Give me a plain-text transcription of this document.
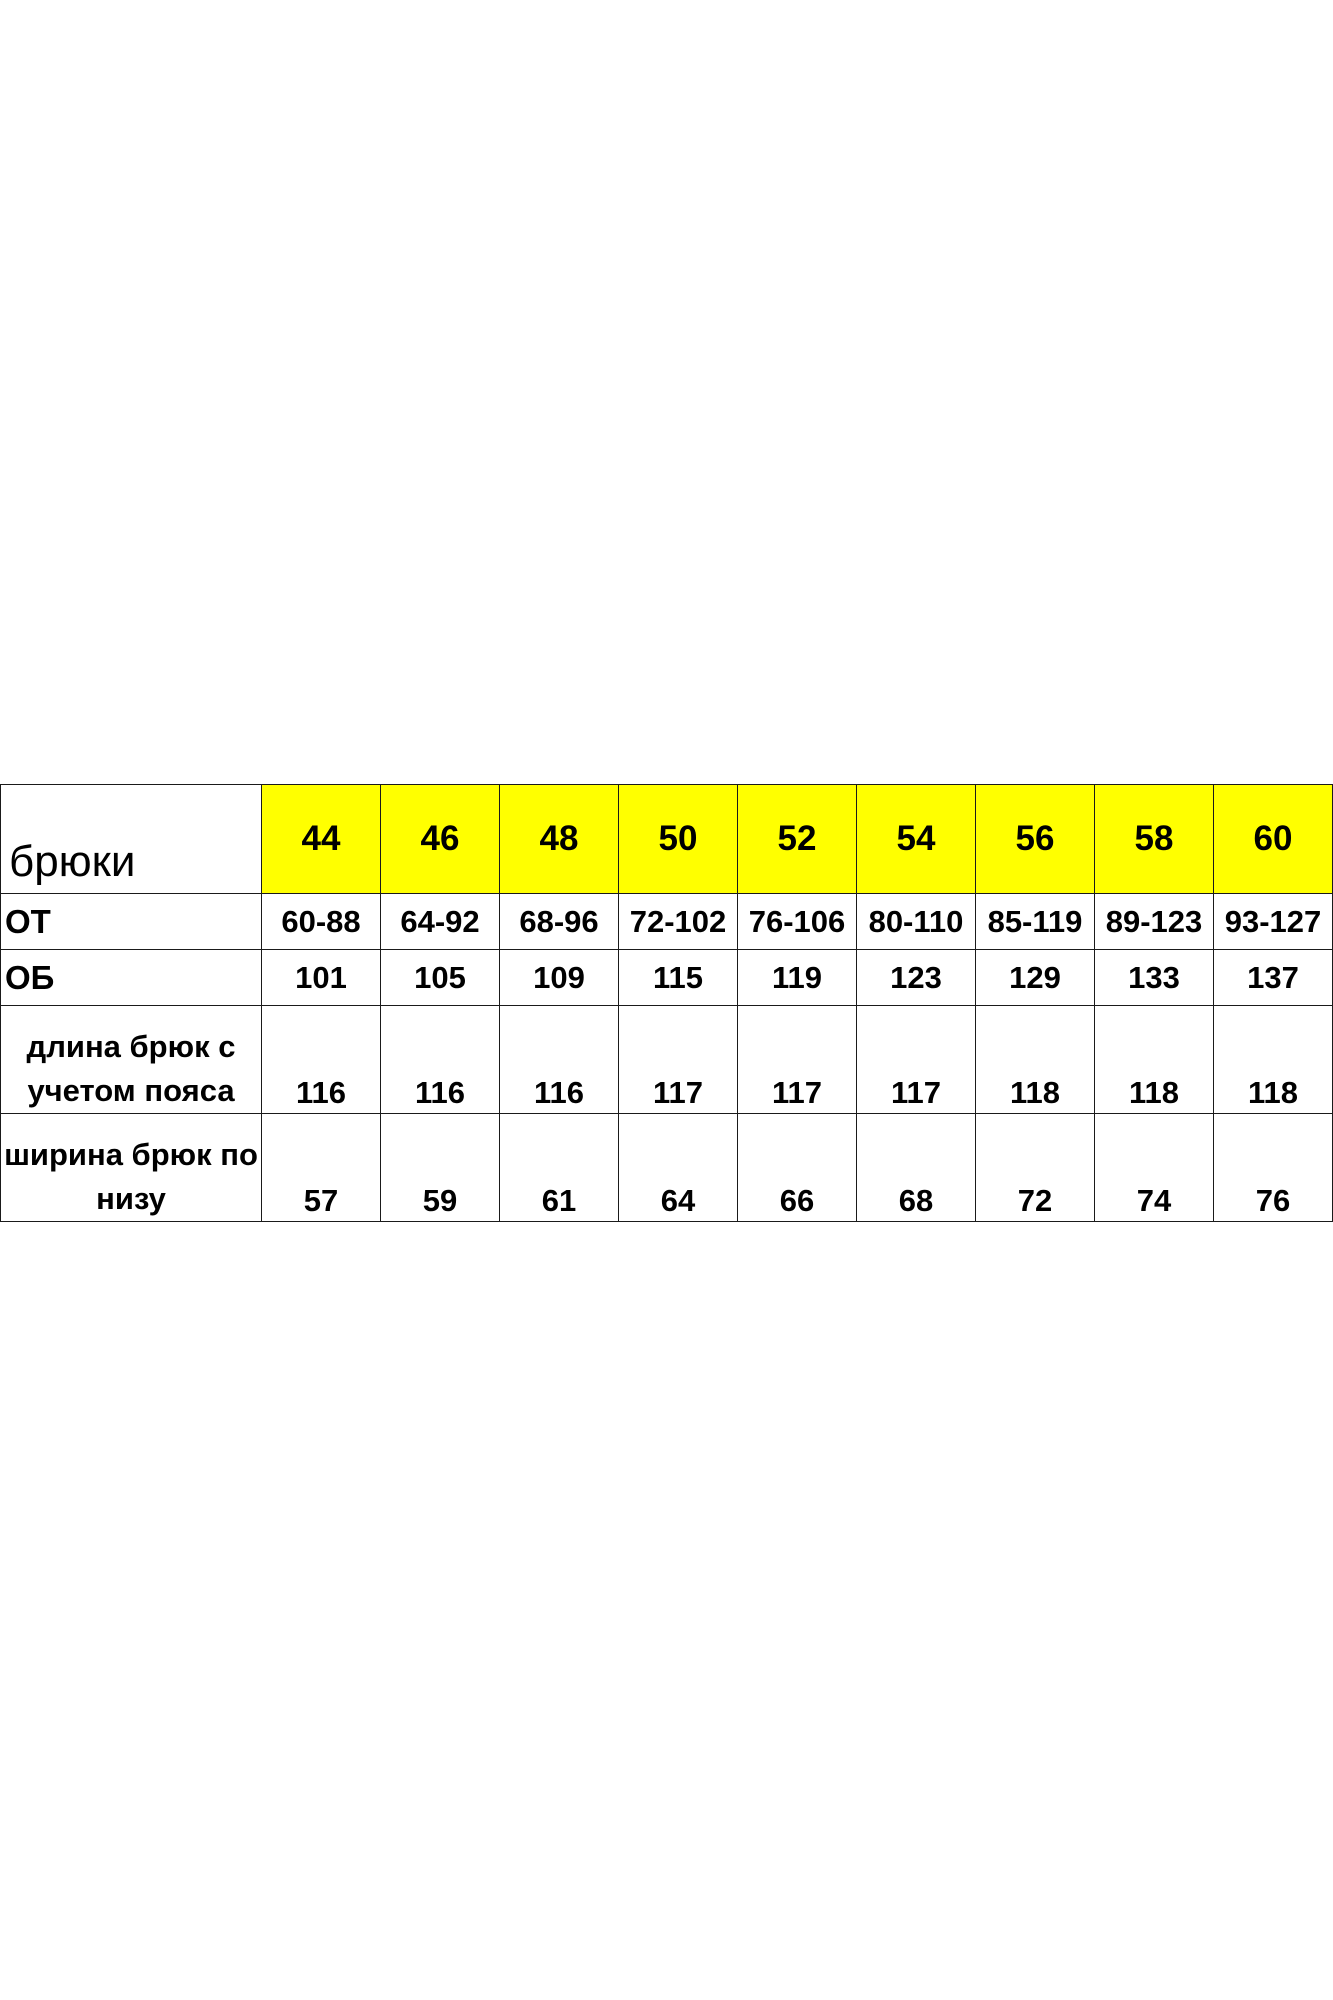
брюки	44	46	48	50	52	54	56	58	60
ОТ	60-88	64-92	68-96	72-102	76-106	80-110	85-119	89-123	93-127
ОБ	101	105	109	115	119	123	129	133	137
длина брюк с
учетом пояса	116	116	116	117	117	117	118	118	118
ширина брюк по
низу	57	59	61	64	66	68	72	74	76
